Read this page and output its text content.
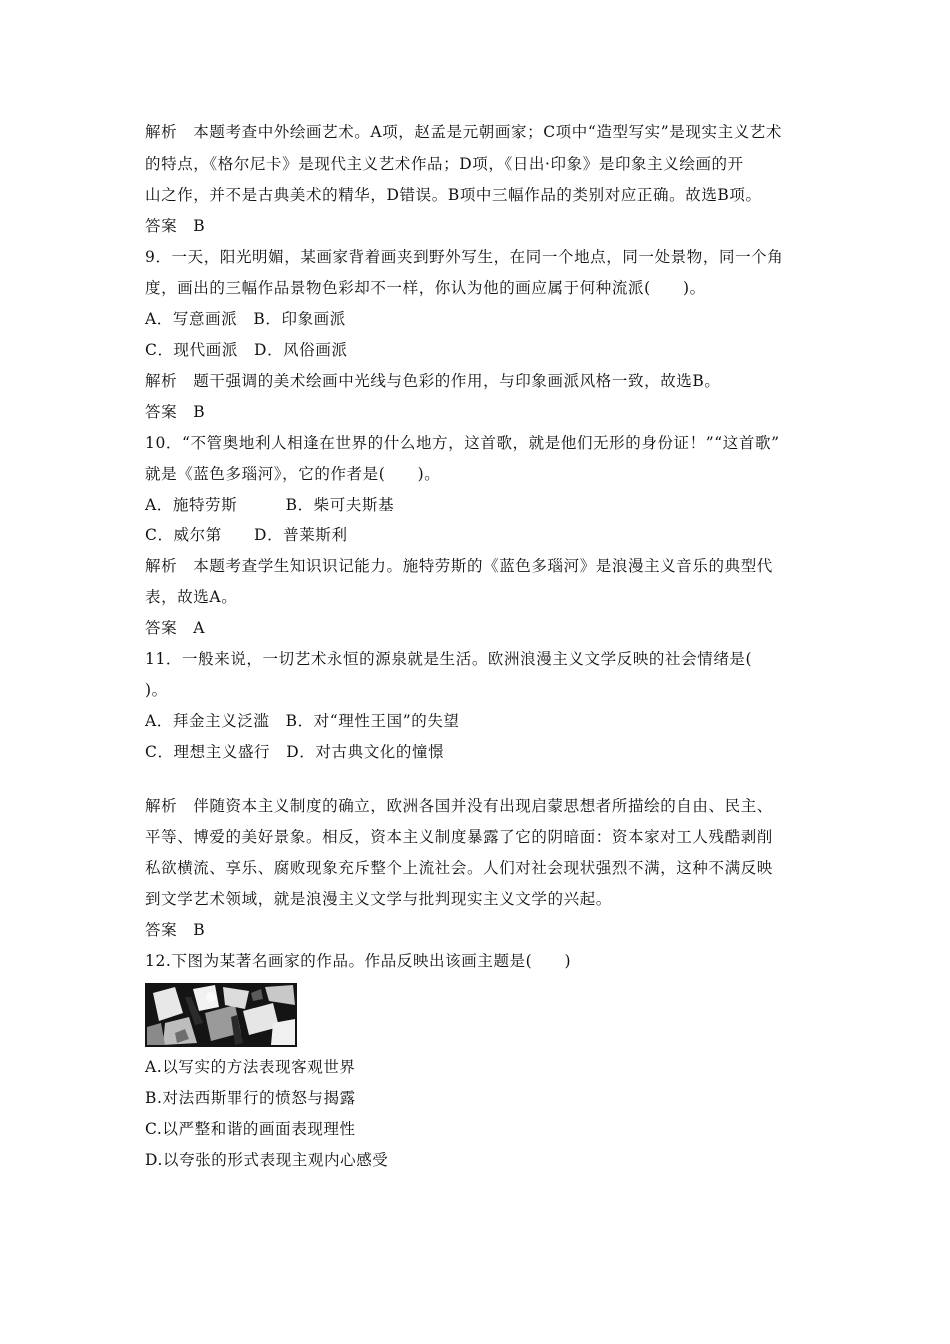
解析　本题考查中外绘画艺术。A项，赵孟是元朝画家；C项中“造型写实”是现实主义艺术
的特点，《格尔尼卡》是现代主义艺术作品；D项，《日出·印象》是印象主义绘画的开
山之作，并不是古典美术的精华，D错误。B项中三幅作品的类别对应正确。故选B项。
答案　B
9．一天，阳光明媚，某画家背着画夹到野外写生，在同一个地点，同一处景物，同一个角
度，画出的三幅作品景物色彩却不一样，你认为他的画应属于何种流派(　　)。
A．写意画派　B．印象画派
C．现代画派　D．风俗画派
解析　题干强调的美术绘画中光线与色彩的作用，与印象画派风格一致，故选B。
答案　B
10．“不管奥地利人相逢在世界的什么地方，这首歌，就是他们无形的身份证！”“这首歌”
就是《蓝色多瑙河》，它的作者是(　　)。
A．施特劳斯　　　B．柴可夫斯基
C．威尔第　　D．普莱斯利
解析　本题考查学生知识识记能力。施特劳斯的《蓝色多瑙河》是浪漫主义音乐的典型代
表，故选A。
答案　A
11．一般来说，一切艺术永恒的源泉就是生活。欧洲浪漫主义文学反映的社会情绪是(
)。
A．拜金主义泛滥　B．对“理性王国”的失望
C．理想主义盛行　D．对古典文化的憧憬
解析　伴随资本主义制度的确立，欧洲各国并没有出现启蒙思想者所描绘的自由、民主、
平等、博爱的美好景象。相反，资本主义制度暴露了它的阴暗面：资本家对工人残酷剥削
私欲横流、享乐、腐败现象充斥整个上流社会。人们对社会现状强烈不满，这种不满反映
到文学艺术领域，就是浪漫主义文学与批判现实主义文学的兴起。
答案　B
12.下图为某著名画家的作品。作品反映出该画主题是(　　)
A.以写实的方法表现客观世界
B.对法西斯罪行的愤怒与揭露
C.以严整和谐的画面表现理性
D.以夸张的形式表现主观内心感受
